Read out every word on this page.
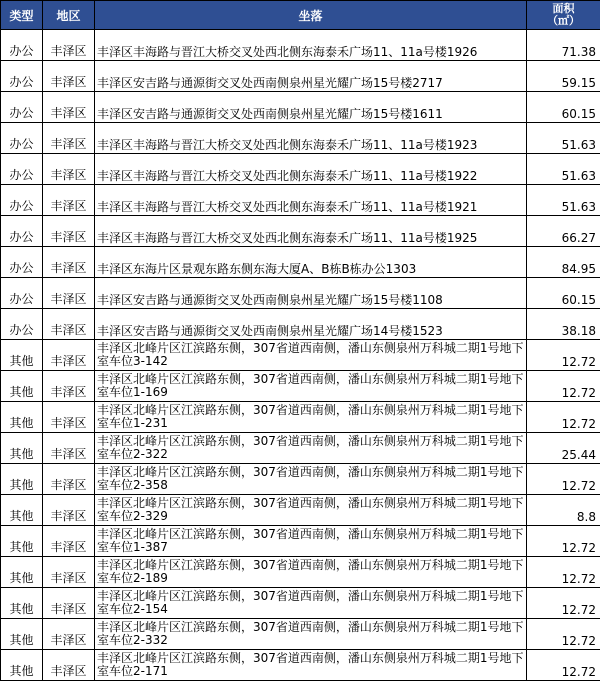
类型	地区	坐落	面积
（㎡）

办公	丰泽区	丰泽区丰海路与晋江大桥交叉处西北侧东海泰禾广场11、11a号楼1926	71.38
办公	丰泽区	丰泽区安吉路与通源街交叉处西南侧泉州星光耀广场15号楼2717	59.15
办公	丰泽区	丰泽区安吉路与通源街交叉处西南侧泉州星光耀广场15号楼1611	60.15
办公	丰泽区	丰泽区丰海路与晋江大桥交叉处西北侧东海泰禾广场11、11a号楼1923	51.63
办公	丰泽区	丰泽区丰海路与晋江大桥交叉处西北侧东海泰禾广场11、11a号楼1922	51.63
办公	丰泽区	丰泽区丰海路与晋江大桥交叉处西北侧东海泰禾广场11、11a号楼1921	51.63
办公	丰泽区	丰泽区丰海路与晋江大桥交叉处西北侧东海泰禾广场11、11a号楼1925	66.27
办公	丰泽区	丰泽区东海片区景观东路东侧东海大厦A、B栋B栋办公1303	84.95
办公	丰泽区	丰泽区安吉路与通源街交叉处西南侧泉州星光耀广场15号楼1108	60.15
办公	丰泽区	丰泽区安吉路与通源街交叉处西南侧泉州星光耀广场14号楼1523	38.18
其他	丰泽区	丰泽区北峰片区江滨路东侧，307省道西南侧，潘山东侧泉州万科城二期1号地下室车位3-142	12.72
其他	丰泽区	丰泽区北峰片区江滨路东侧，307省道西南侧，潘山东侧泉州万科城二期1号地下室车位1-169	12.72
其他	丰泽区	丰泽区北峰片区江滨路东侧，307省道西南侧，潘山东侧泉州万科城二期1号地下室车位1-231	12.72
其他	丰泽区	丰泽区北峰片区江滨路东侧，307省道西南侧，潘山东侧泉州万科城二期1号地下室车位2-322	25.44
其他	丰泽区	丰泽区北峰片区江滨路东侧，307省道西南侧，潘山东侧泉州万科城二期1号地下室车位2-358	12.72
其他	丰泽区	丰泽区北峰片区江滨路东侧，307省道西南侧，潘山东侧泉州万科城二期1号地下室车位2-329	8.8
其他	丰泽区	丰泽区北峰片区江滨路东侧，307省道西南侧，潘山东侧泉州万科城二期1号地下室车位1-387	12.72
其他	丰泽区	丰泽区北峰片区江滨路东侧，307省道西南侧，潘山东侧泉州万科城二期1号地下室车位2-189	12.72
其他	丰泽区	丰泽区北峰片区江滨路东侧，307省道西南侧，潘山东侧泉州万科城二期1号地下室车位2-154	12.72
其他	丰泽区	丰泽区北峰片区江滨路东侧，307省道西南侧，潘山东侧泉州万科城二期1号地下室车位2-332	12.72
其他	丰泽区	丰泽区北峰片区江滨路东侧，307省道西南侧，潘山东侧泉州万科城二期1号地下室车位2-171	12.72
